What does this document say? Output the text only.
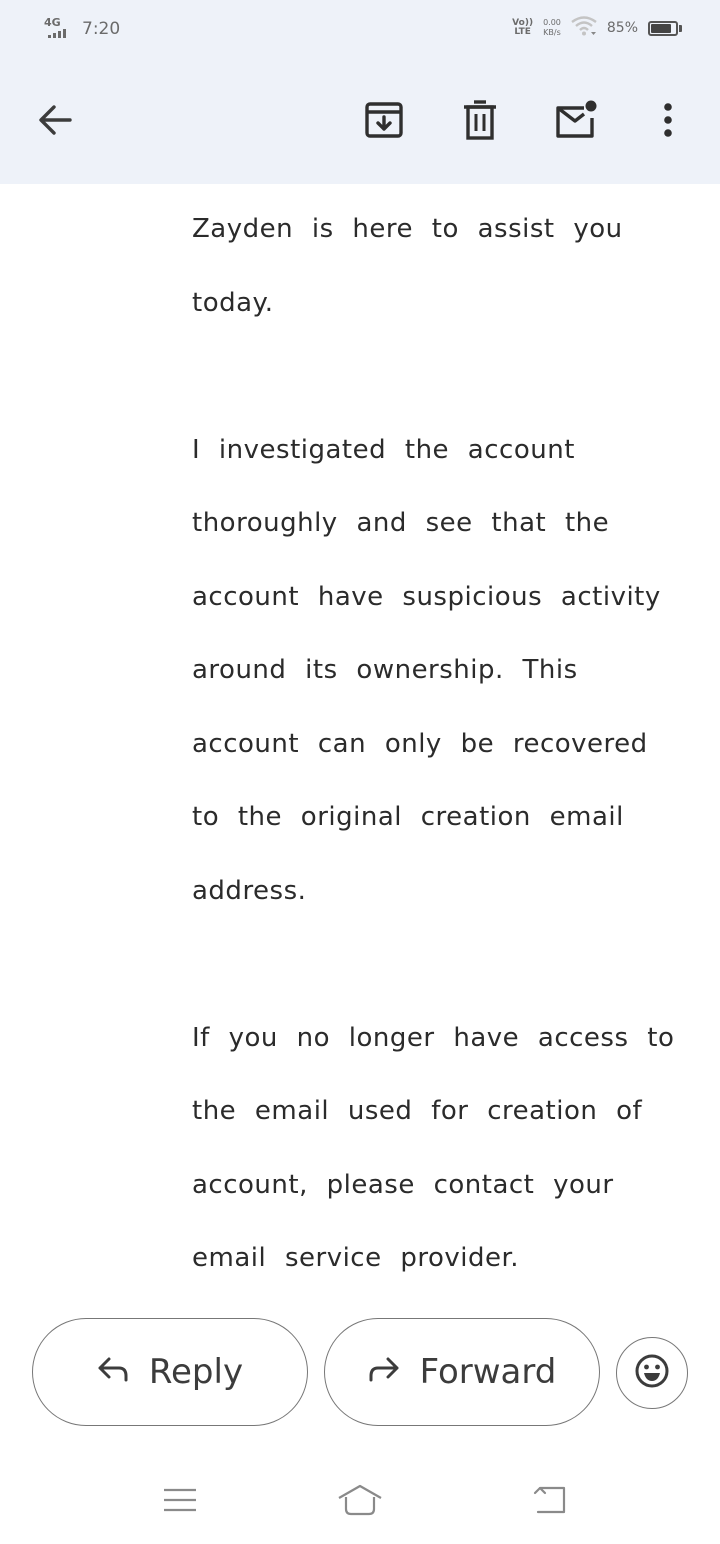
4G 7:20	Vo))
LTE
0.00
KB/s	85%

Zayden is here to assist you today.

I investigated the account thoroughly and see that the account have suspicious activity around its ownership. This account can only be recovered to the original creation email address.

If you no longer have access to the email used for creation of account, please contact your email service provider.

Reply	Forward
